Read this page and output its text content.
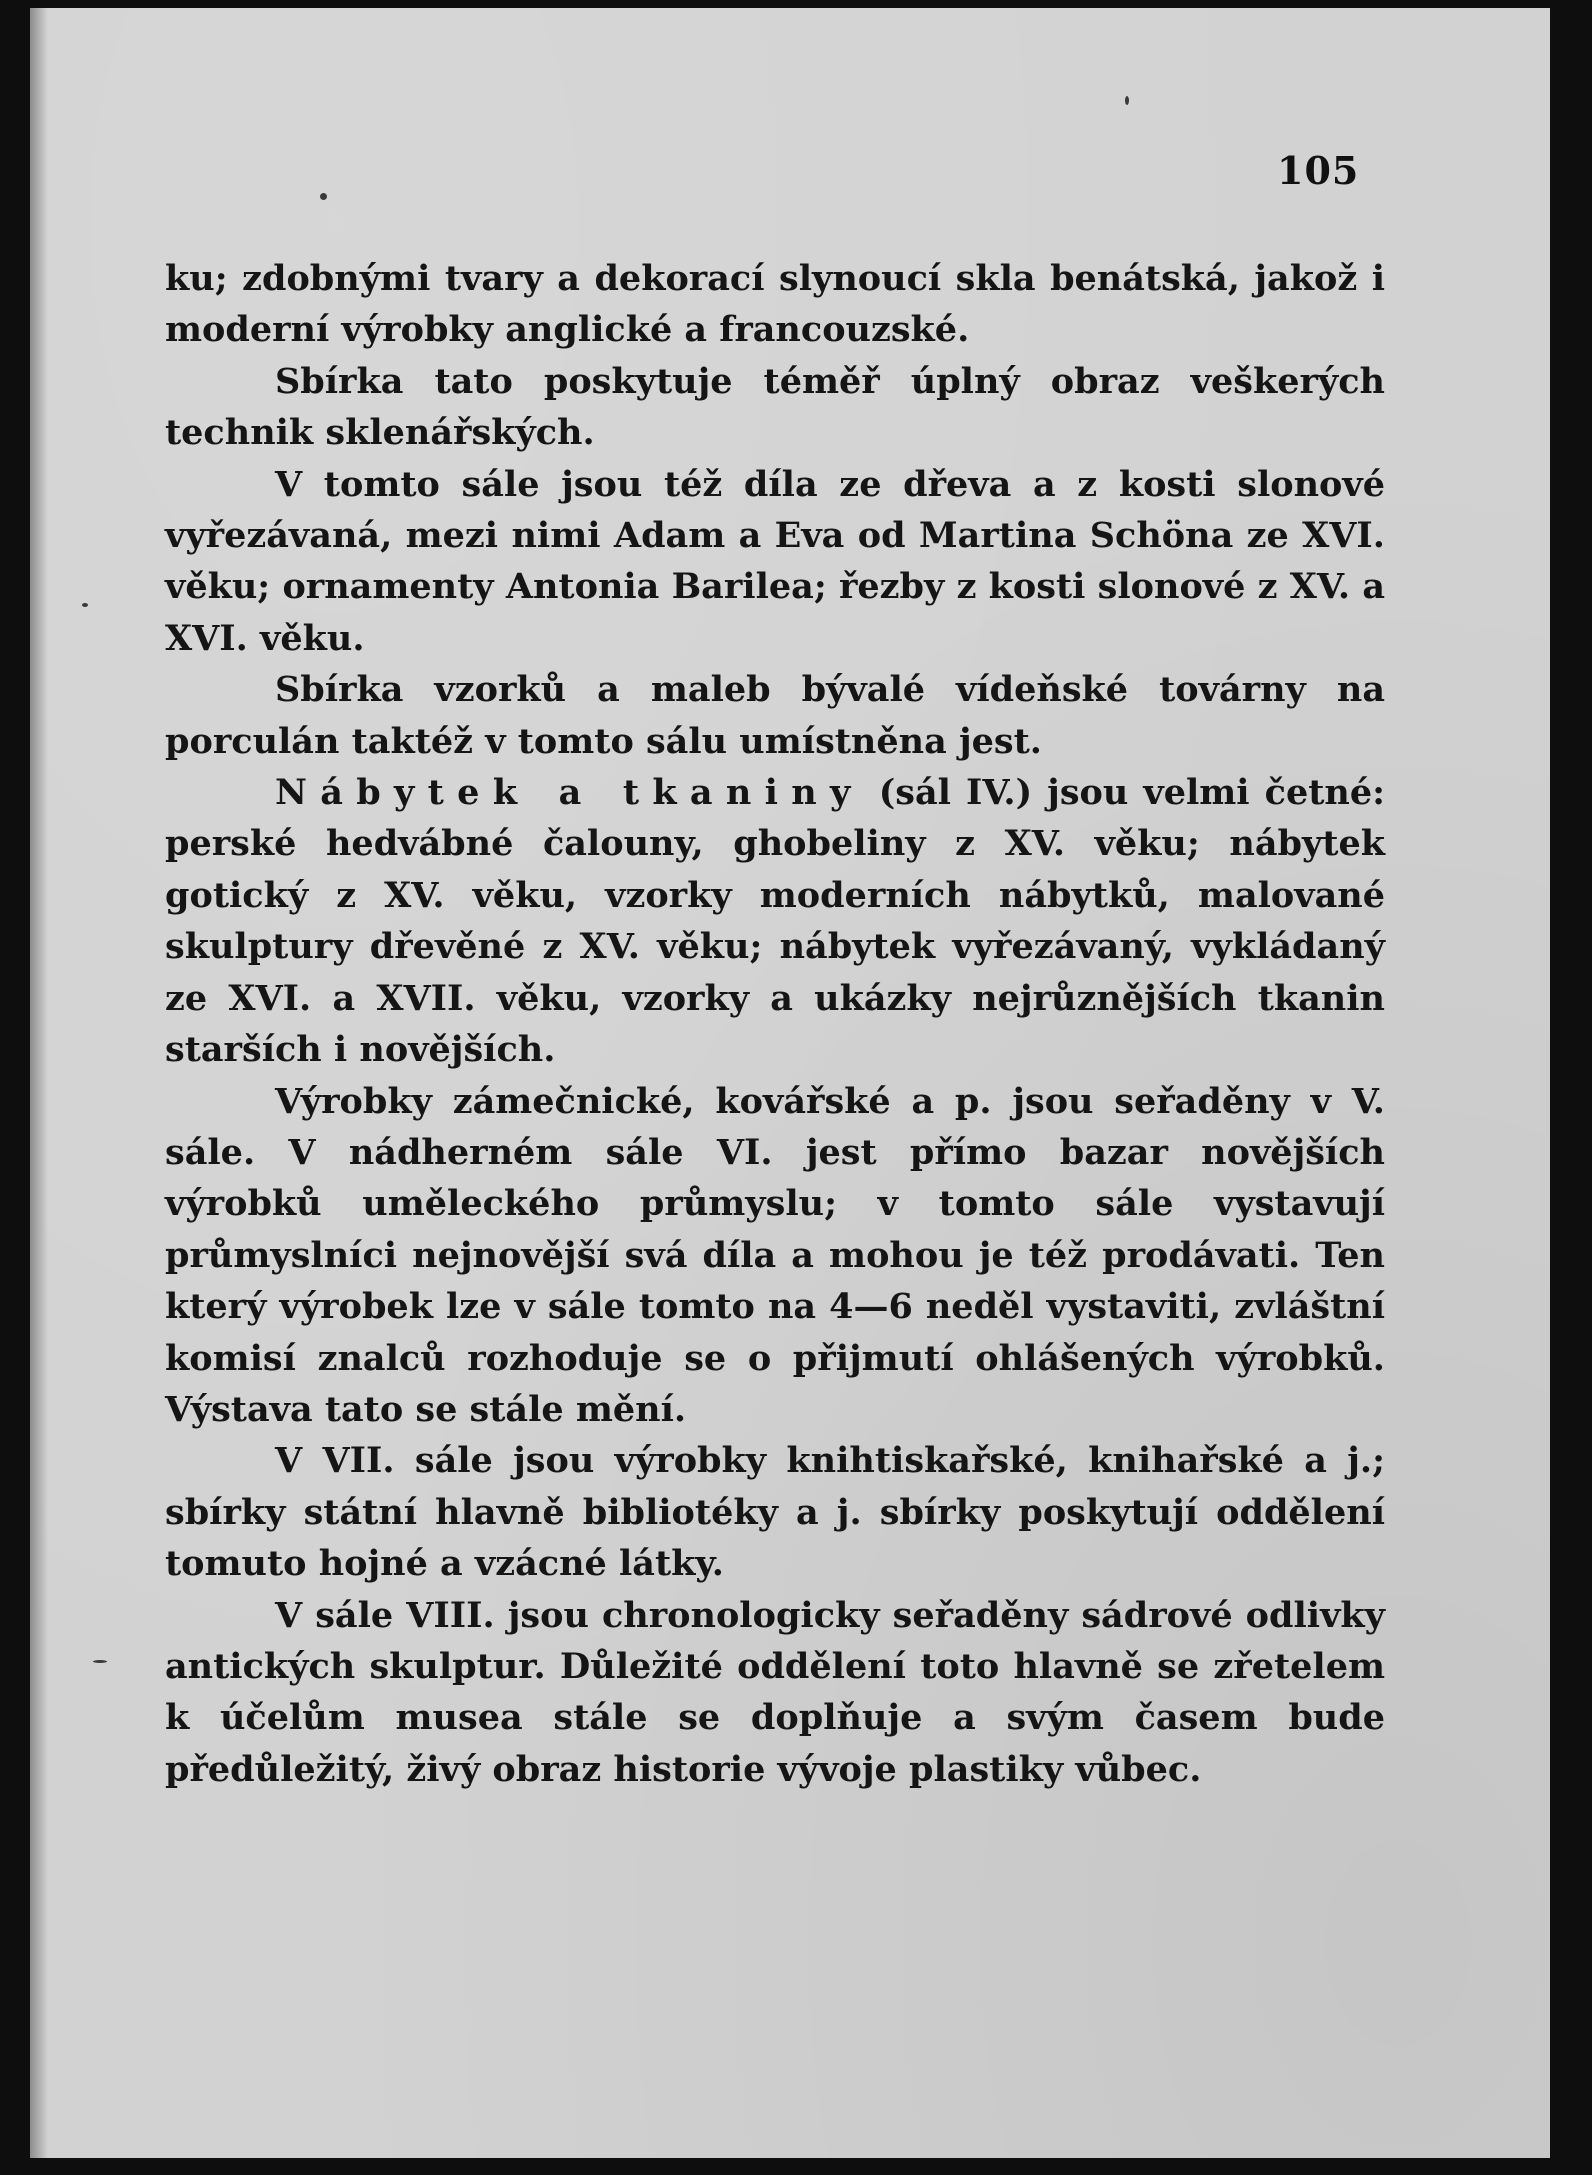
105

ku; zdobnými tvary a dekorací slynoucí skla benátská, jakož i moderní výrobky anglické a francouzské.

Sbírka tato poskytuje téměř úplný obraz veškerých technik sklenářských.

V tomto sále jsou též díla ze dřeva a z kosti slonové vyřezávaná, mezi nimi Adam a Eva od Martina Schöna ze XVI. věku; ornamenty Antonia Barilea; řezby z kosti slonové z XV. a XVI. věku.

Sbírka vzorků a maleb bývalé vídeňské továrny na porculán taktéž v tomto sálu umístněna jest.

Nábytek a tkaniny (sál IV.) jsou velmi četné: perské hedvábné čalouny, ghobeliny z XV. věku; nábytek gotický z XV. věku, vzorky moderních nábytků, malované skulptury dřevěné z XV. věku; nábytek vyřezávaný, vykládaný ze XVI. a XVII. věku, vzorky a ukázky nejrůznějších tkanin starších i novějších.

Výrobky zámečnické, kovářské a p. jsou seřaděny v V. sále. V nádherném sále VI. jest přímo bazar novějších výrobků uměleckého průmyslu; v tomto sále vystavují průmyslníci nejnovější svá díla a mohou je též prodávati. Ten který výrobek lze v sále tomto na 4—6 neděl vystaviti, zvláštní komisí znalců rozhoduje se o přijmutí ohlášených výrobků. Výstava tato se stále mění.

V VII. sále jsou výrobky knihtiskařské, knihařské a j.; sbírky státní hlavně bibliotéky a j. sbírky poskytují oddělení tomuto hojné a vzácné látky.

V sále VIII. jsou chronologicky seřaděny sádrové odlivky antických skulptur. Důležité oddělení toto hlavně se zřetelem k účelům musea stále se doplňuje a svým časem bude předůležitý, živý obraz historie vývoje plastiky vůbec.
